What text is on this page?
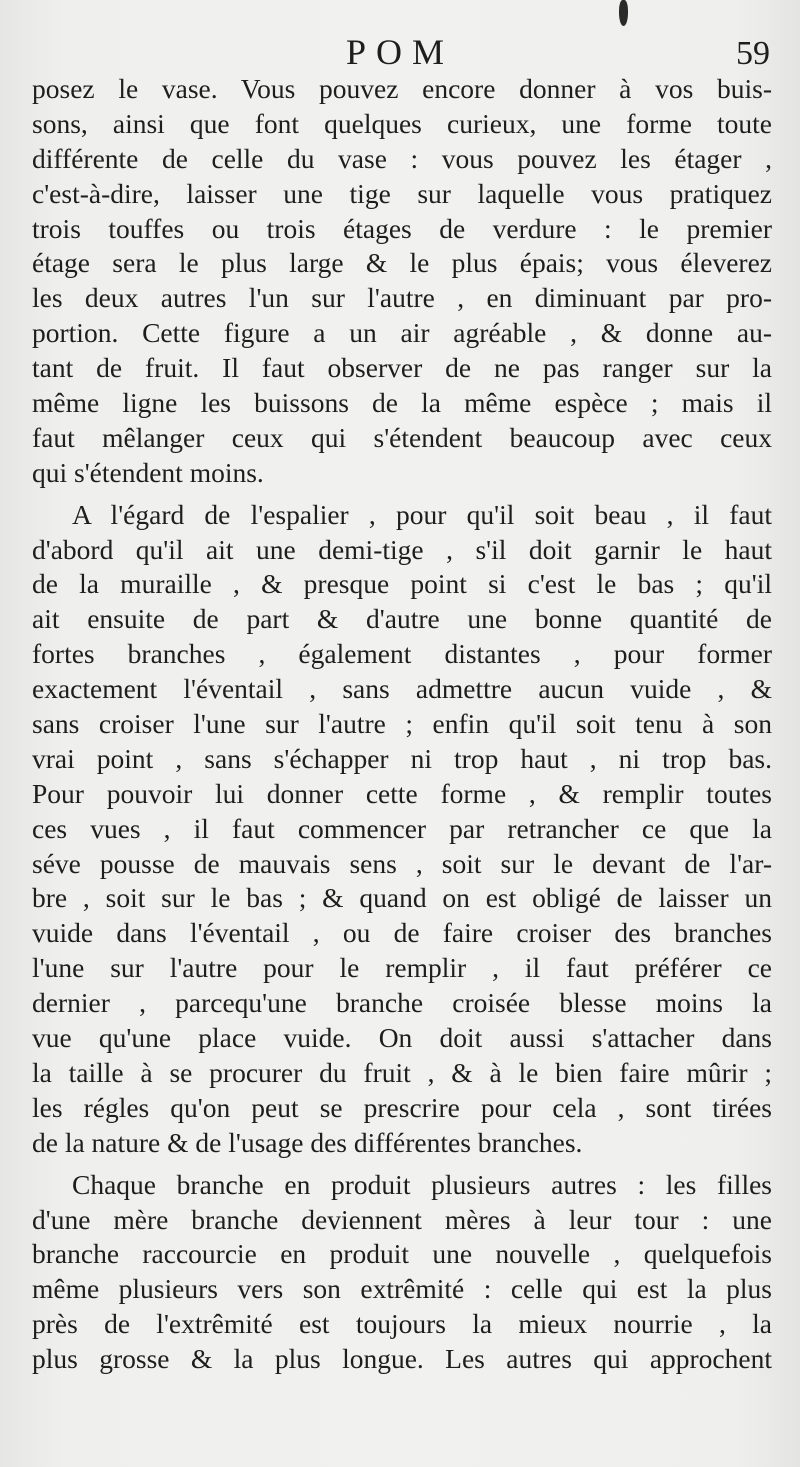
POM	59
posez le vase. Vous pouvez encore donner à vos buis-
sons, ainsi que font quelques curieux, une forme toute
différente de celle du vase : vous pouvez les étager ,
c'est-à-dire, laisser une tige sur laquelle vous pratiquez
trois touffes ou trois étages de verdure : le premier
étage sera le plus large & le plus épais; vous éleverez
les deux autres l'un sur l'autre , en diminuant par pro-
portion. Cette figure a un air agréable , & donne au-
tant de fruit. Il faut observer de ne pas ranger sur la
même ligne les buissons de la même espèce ; mais il
faut mêlanger ceux qui s'étendent beaucoup avec ceux
qui s'étendent moins.
A l'égard de l'espalier , pour qu'il soit beau , il faut
d'abord qu'il ait une demi-tige , s'il doit garnir le haut
de la muraille , & presque point si c'est le bas ; qu'il
ait ensuite de part & d'autre une bonne quantité de
fortes branches , également distantes , pour former
exactement l'éventail , sans admettre aucun vuide , &
sans croiser l'une sur l'autre ; enfin qu'il soit tenu à son
vrai point , sans s'échapper ni trop haut , ni trop bas.
Pour pouvoir lui donner cette forme , & remplir toutes
ces vues , il faut commencer par retrancher ce que la
séve pousse de mauvais sens , soit sur le devant de l'ar-
bre , soit sur le bas ; & quand on est obligé de laisser un
vuide dans l'éventail , ou de faire croiser des branches
l'une sur l'autre pour le remplir , il faut préférer ce
dernier , parcequ'une branche croisée blesse moins la
vue qu'une place vuide. On doit aussi s'attacher dans
la taille à se procurer du fruit , & à le bien faire mûrir ;
les régles qu'on peut se prescrire pour cela , sont tirées
de la nature & de l'usage des différentes branches.
Chaque branche en produit plusieurs autres : les filles
d'une mère branche deviennent mères à leur tour : une
branche raccourcie en produit une nouvelle , quelquefois
même plusieurs vers son extrêmité : celle qui est la plus
près de l'extrêmité est toujours la mieux nourrie , la
plus grosse & la plus longue. Les autres qui approchent
